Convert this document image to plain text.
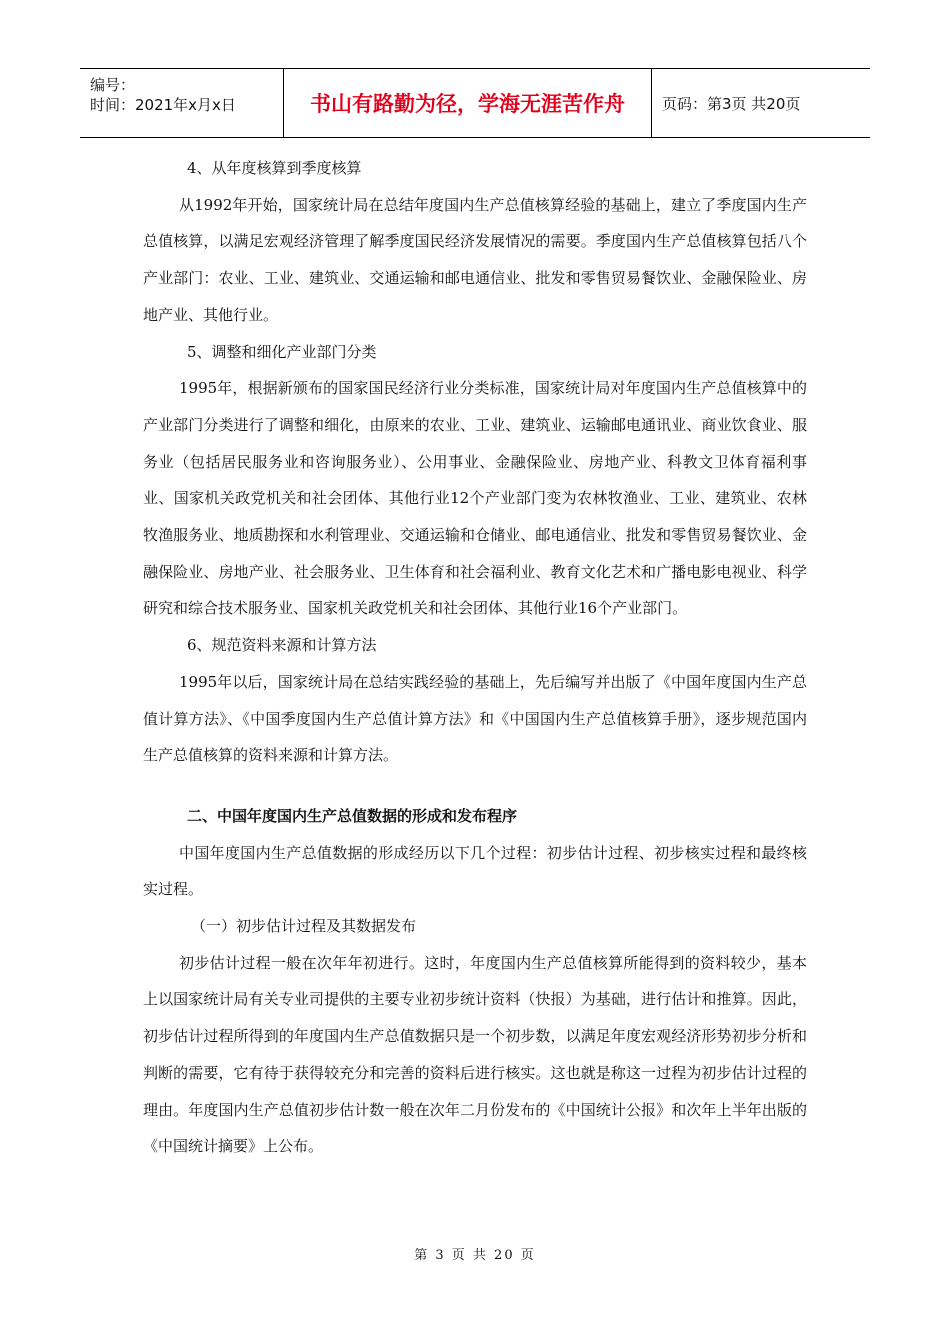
编号：
时间：2021年x月x日	书山有路勤为径，学海无涯苦作舟	页码：第3页 共20页

4、从年度核算到季度核算

从1992年开始，国家统计局在总结年度国内生产总值核算经验的基础上，建立了季度国内生产总值核算，以满足宏观经济管理了解季度国民经济发展情况的需要。季度国内生产总值核算包括八个产业部门：农业、工业、建筑业、交通运输和邮电通信业、批发和零售贸易餐饮业、金融保险业、房地产业、其他行业。

5、调整和细化产业部门分类

1995年，根据新颁布的国家国民经济行业分类标准，国家统计局对年度国内生产总值核算中的产业部门分类进行了调整和细化，由原来的农业、工业、建筑业、运输邮电通讯业、商业饮食业、服务业（包括居民服务业和咨询服务业）、公用事业、金融保险业、房地产业、科教文卫体育福利事业、国家机关政党机关和社会团体、其他行业12个产业部门变为农林牧渔业、工业、建筑业、农林牧渔服务业、地质勘探和水利管理业、交通运输和仓储业、邮电通信业、批发和零售贸易餐饮业、金融保险业、房地产业、社会服务业、卫生体育和社会福利业、教育文化艺术和广播电影电视业、科学研究和综合技术服务业、国家机关政党机关和社会团体、其他行业16个产业部门。

6、规范资料来源和计算方法

1995年以后，国家统计局在总结实践经验的基础上，先后编写并出版了《中国年度国内生产总值计算方法》、《中国季度国内生产总值计算方法》和《中国国内生产总值核算手册》，逐步规范国内生产总值核算的资料来源和计算方法。

二、中国年度国内生产总值数据的形成和发布程序

中国年度国内生产总值数据的形成经历以下几个过程：初步估计过程、初步核实过程和最终核实过程。

（一）初步估计过程及其数据发布

初步估计过程一般在次年年初进行。这时，年度国内生产总值核算所能得到的资料较少，基本上以国家统计局有关专业司提供的主要专业初步统计资料（快报）为基础，进行估计和推算。因此，初步估计过程所得到的年度国内生产总值数据只是一个初步数，以满足年度宏观经济形势初步分析和判断的需要，它有待于获得较充分和完善的资料后进行核实。这也就是称这一过程为初步估计过程的理由。年度国内生产总值初步估计数一般在次年二月份发布的《中国统计公报》和次年上半年出版的《中国统计摘要》上公布。

第 3 页 共 20 页
